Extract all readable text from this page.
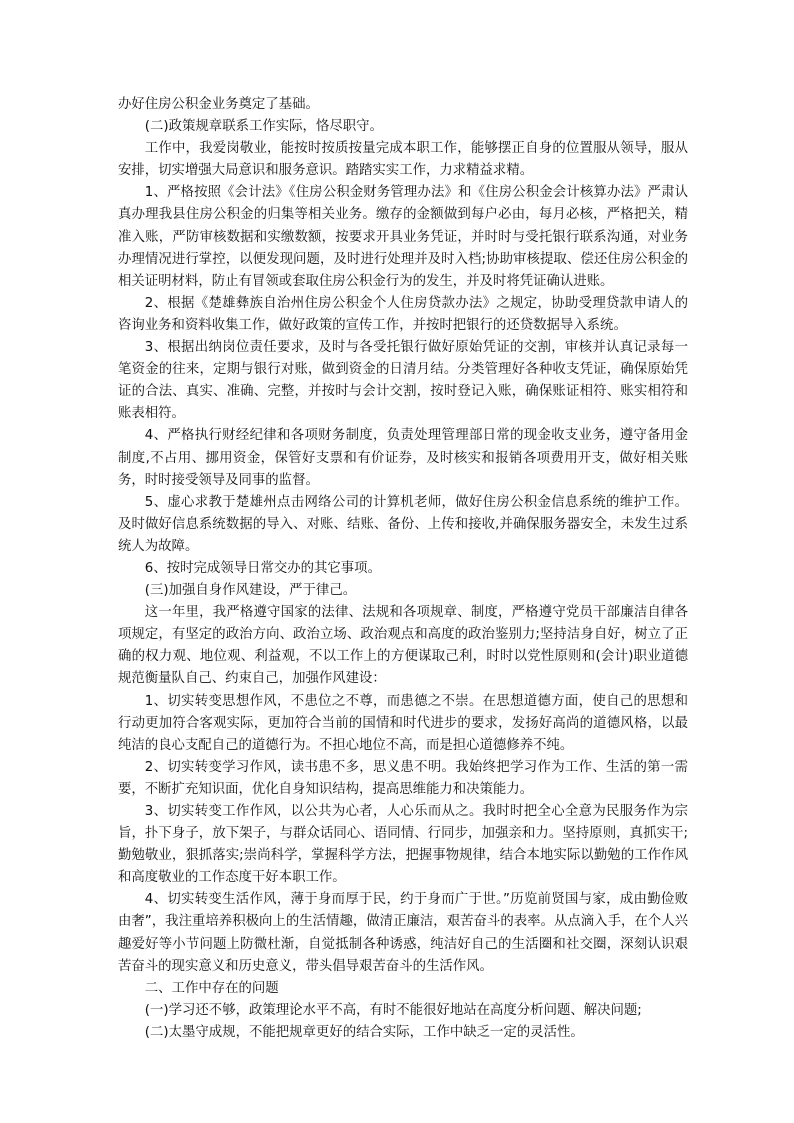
办好住房公积金业务奠定了基础。

(二)政策规章联系工作实际，恪尽职守。

工作中，我爱岗敬业，能按时按质按量完成本职工作，能够摆正自身的位置服从领导，服从安排，切实增强大局意识和服务意识。踏踏实实工作，力求精益求精。

1、严格按照《会计法》《住房公积金财务管理办法》和《住房公积金会计核算办法》严肃认真办理我县住房公积金的归集等相关业务。缴存的金额做到每户必由，每月必核，严格把关，精准入账，严防审核数据和实缴数额，按要求开具业务凭证，并时时与受托银行联系沟通，对业务办理情况进行掌控，以便发现问题，及时进行处理并及时入档;协助审核提取、偿还住房公积金的相关证明材料，防止有冒领或套取住房公积金行为的发生，并及时将凭证确认进账。

2、根据《楚雄彝族自治州住房公积金个人住房贷款办法》之规定，协助受理贷款申请人的咨询业务和资料收集工作，做好政策的宣传工作，并按时把银行的还贷数据导入系统。

3、根据出纳岗位责任要求，及时与各受托银行做好原始凭证的交割，审核并认真记录每一笔资金的往来，定期与银行对账，做到资金的日清月结。分类管理好各种收支凭证，确保原始凭证的合法、真实、准确、完整，并按时与会计交割，按时登记入账，确保账证相符、账实相符和账表相符。

4、严格执行财经纪律和各项财务制度，负责处理管理部日常的现金收支业务，遵守备用金制度,不占用、挪用资金，保管好支票和有价证券，及时核实和报销各项费用开支，做好相关账务，时时接受领导及同事的监督。

5、虚心求教于楚雄州点击网络公司的计算机老师，做好住房公积金信息系统的维护工作。及时做好信息系统数据的导入、对账、结账、备份、上传和接收,并确保服务器安全，未发生过系统人为故障。

6、按时完成领导日常交办的其它事项。

(三)加强自身作风建设，严于律己。

这一年里，我严格遵守国家的法律、法规和各项规章、制度，严格遵守党员干部廉洁自律各项规定，有坚定的政治方向、政治立场、政治观点和高度的政治鉴别力;坚持洁身自好，树立了正确的权力观、地位观、利益观，不以工作上的方便谋取己利，时时以党性原则和(会计)职业道德规范衡量队自己、约束自己，加强作风建设：

1、切实转变思想作风，不患位之不尊，而患德之不崇。在思想道德方面，使自己的思想和行动更加符合客观实际，更加符合当前的国情和时代进步的要求，发扬好高尚的道德风格，以最纯洁的良心支配自己的道德行为。不担心地位不高，而是担心道德修养不纯。

2、切实转变学习作风，读书患不多，思义患不明。我始终把学习作为工作、生活的第一需要，不断扩充知识面，优化自身知识结构，提高思维能力和决策能力。

3、切实转变工作作风，以公共为心者，人心乐而从之。我时时把全心全意为民服务作为宗旨，扑下身子，放下架子，与群众话同心、语同情、行同步，加强亲和力。坚持原则，真抓实干;勤勉敬业，狠抓落实;崇尚科学，掌握科学方法，把握事物规律，结合本地实际以勤勉的工作作风和高度敬业的工作态度干好本职工作。

4、切实转变生活作风，薄于身而厚于民，约于身而广于世。”历览前贤国与家，成由勤俭败由奢”，我注重培养积极向上的生活情趣，做清正廉洁，艰苦奋斗的表率。从点滴入手，在个人兴趣爱好等小节问题上防微杜渐，自觉抵制各种诱惑，纯洁好自己的生活圈和社交圈，深刻认识艰苦奋斗的现实意义和历史意义，带头倡导艰苦奋斗的生活作风。

二、工作中存在的问题

(一)学习还不够，政策理论水平不高，有时不能很好地站在高度分析问题、解决问题;

(二)太墨守成规，不能把规章更好的结合实际，工作中缺乏一定的灵活性。
